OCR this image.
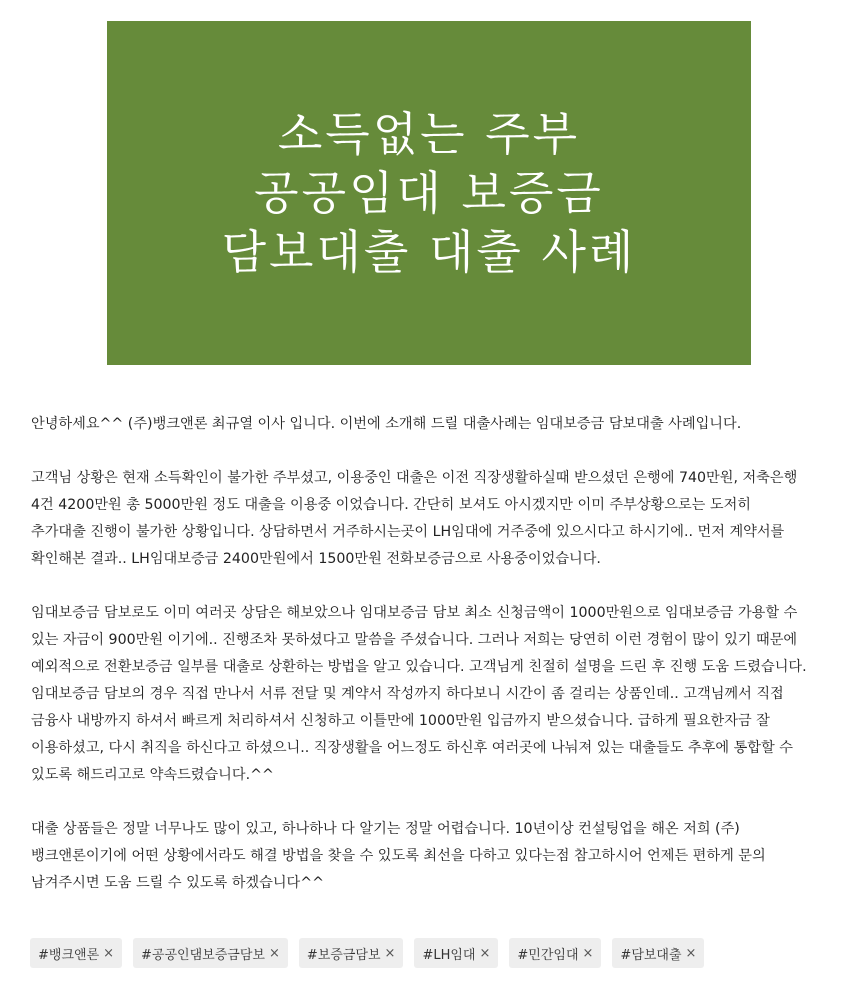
소득없는 주부
공공임대 보증금
담보대출 대출 사례

안녕하세요^^ (주)뱅크앤론 최규열 이사 입니다. 이번에 소개해 드릴 대출사례는 임대보증금 담보대출 사례입니다.

고객님 상황은 현재 소득확인이 불가한 주부셨고, 이용중인 대출은 이전 직장생활하실때 받으셨던 은행에 740만원, 저축은행 4건 4200만원 총 5000만원 정도 대출을 이용중 이었습니다. 간단히 보셔도 아시겠지만 이미 주부상황으로는 도저히 추가대출 진행이 불가한 상황입니다. 상담하면서 거주하시는곳이 LH임대에 거주중에 있으시다고 하시기에.. 먼저 계약서를 확인해본 결과.. LH임대보증금 2400만원에서 1500만원 전화보증금으로 사용중이었습니다.

임대보증금 담보로도 이미 여러곳 상담은 해보았으나 임대보증금 담보 최소 신청금액이 1000만원으로 임대보증금 가용할 수 있는 자금이 900만원 이기에.. 진행조차 못하셨다고 말씀을 주셨습니다. 그러나 저희는 당연히 이런 경험이 많이 있기 때문에 예외적으로 전환보증금 일부를 대출로 상환하는 방법을 알고 있습니다. 고객님게 친절히 설명을 드린 후 진행 도움 드렸습니다. 임대보증금 담보의 경우 직접 만나서 서류 전달 및 계약서 작성까지 하다보니 시간이 좀 걸리는 상품인데.. 고객님께서 직접 금융사 내방까지 하셔서 빠르게 처리하셔서 신청하고 이틀만에 1000만원 입금까지 받으셨습니다. 급하게 필요한자금 잘 이용하셨고, 다시 취직을 하신다고 하셨으니.. 직장생활을 어느정도 하신후 여러곳에 나눠져 있는 대출들도 추후에 통합할 수 있도록 해드리고로 약속드렸습니다.^^

대출 상품들은 정말 너무나도 많이 있고, 하나하나 다 알기는 정말 어렵습니다. 10년이상 컨설팅업을 해온 저희 (주)뱅크앤론이기에 어떤 상황에서라도 해결 방법을 찾을 수 있도록 최선을 다하고 있다는점 참고하시어 언제든 편하게 문의 남겨주시면 도움 드릴 수 있도록 하겠습니다^^

#뱅크앤론 × #공공인댐보증금담보 × #보증금담보 × #LH임대 × #민간임대 × #담보대출 ×
